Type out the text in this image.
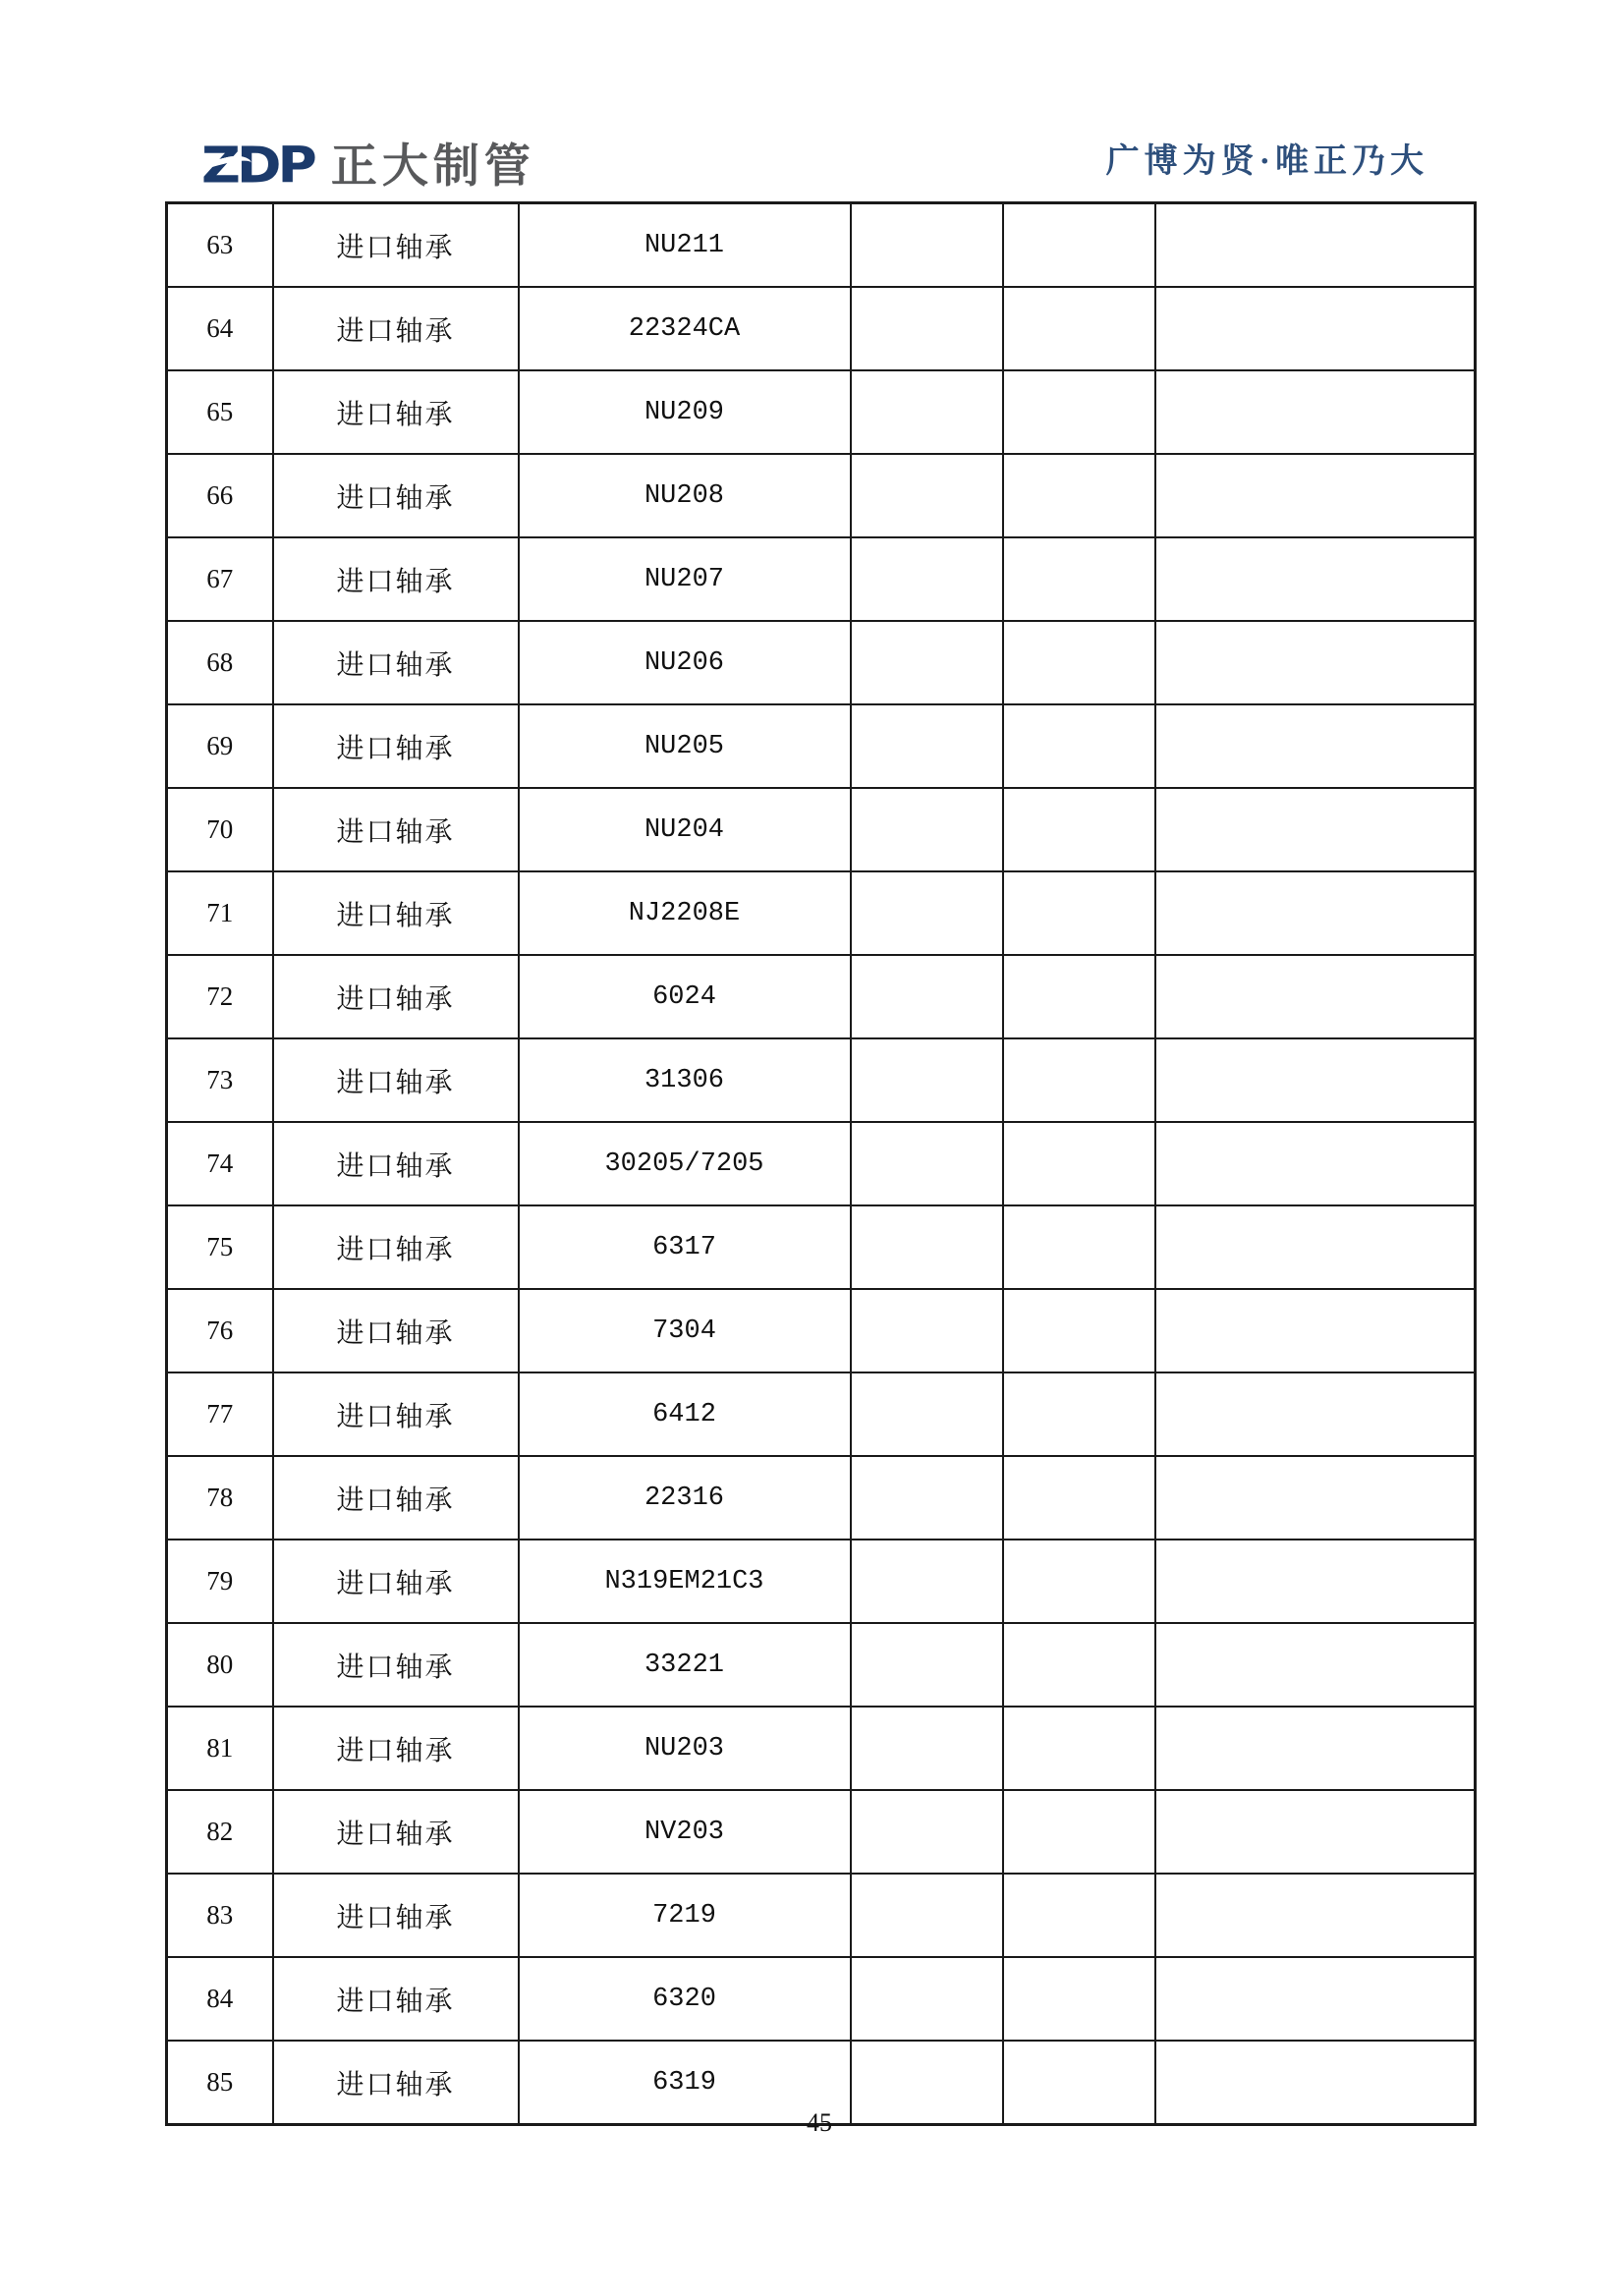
ZDP 正大制管	广博为贤·唯正乃大
63	进口轴承	NU211			
64	进口轴承	22324CA			
65	进口轴承	NU209			
66	进口轴承	NU208			
67	进口轴承	NU207			
68	进口轴承	NU206			
69	进口轴承	NU205			
70	进口轴承	NU204			
71	进口轴承	NJ2208E			
72	进口轴承	6024			
73	进口轴承	31306			
74	进口轴承	30205/7205			
75	进口轴承	6317			
76	进口轴承	7304			
77	进口轴承	6412			
78	进口轴承	22316			
79	进口轴承	N319EM21C3			
80	进口轴承	33221			
81	进口轴承	NU203			
82	进口轴承	NV203			
83	进口轴承	7219			
84	进口轴承	6320			
85	进口轴承	6319			
45
